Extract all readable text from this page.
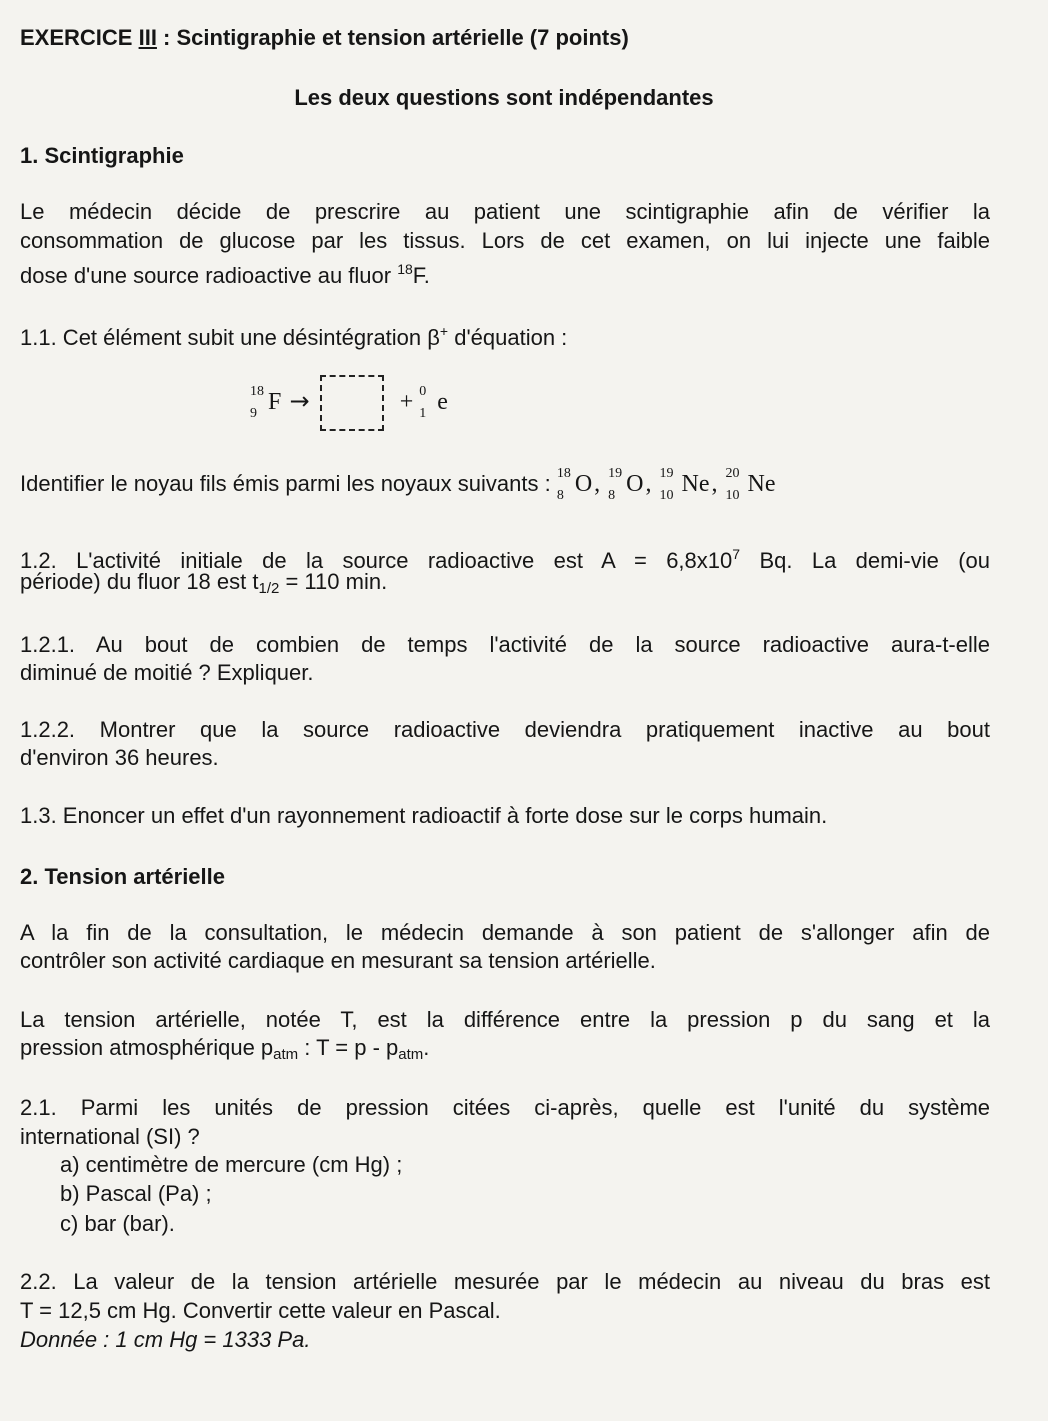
EXERCICE III : Scintigraphie et tension artérielle (7 points)
Les deux questions sont indépendantes
1. Scintigraphie
Le médecin décide de prescrire au patient une scintigraphie afin de vérifier la
consommation de glucose par les tissus. Lors de cet examen, on lui injecte une faible
dose d'une source radioactive au fluor $^{18}$F.
1.1. Cet élément subit une désintégration β+ d'équation :
18
9 F →	+ 0
1 e
Identifier le noyau fils émis parmi les noyaux suivants : 18
8 O, 19
8 O, 19
10 Ne, 20
10 Ne
1.2. L'activité initiale de la source radioactive est $A = 6,8x10^7$ Bq. La demi-vie (ou
période) du fluor 18 est $t_{1/2} = 110$ min.
1.2.1. Au bout de combien de temps l'activité de la source radioactive aura-t-elle
diminué de moitié ? Expliquer.
1.2.2. Montrer que la source radioactive deviendra pratiquement inactive au bout
d'environ 36 heures.
1.3. Enoncer un effet d'un rayonnement radioactif à forte dose sur le corps humain.
2. Tension artérielle
A la fin de la consultation, le médecin demande à son patient de s'allonger afin de
contrôler son activité cardiaque en mesurant sa tension artérielle.
La tension artérielle, notée T, est la différence entre la pression p du sang et la
pression atmosphérique $p_{atm}$ : $T = p - p_{atm}$.
2.1. Parmi les unités de pression citées ci-après, quelle est l'unité du système
international (SI) ?
a) centimètre de mercure (cm Hg) ;
b) Pascal (Pa) ;
c) bar (bar).
2.2. La valeur de la tension artérielle mesurée par le médecin au niveau du bras est
T = 12,5 cm Hg. Convertir cette valeur en Pascal.
Donnée : 1 cm Hg = 1333 Pa.
